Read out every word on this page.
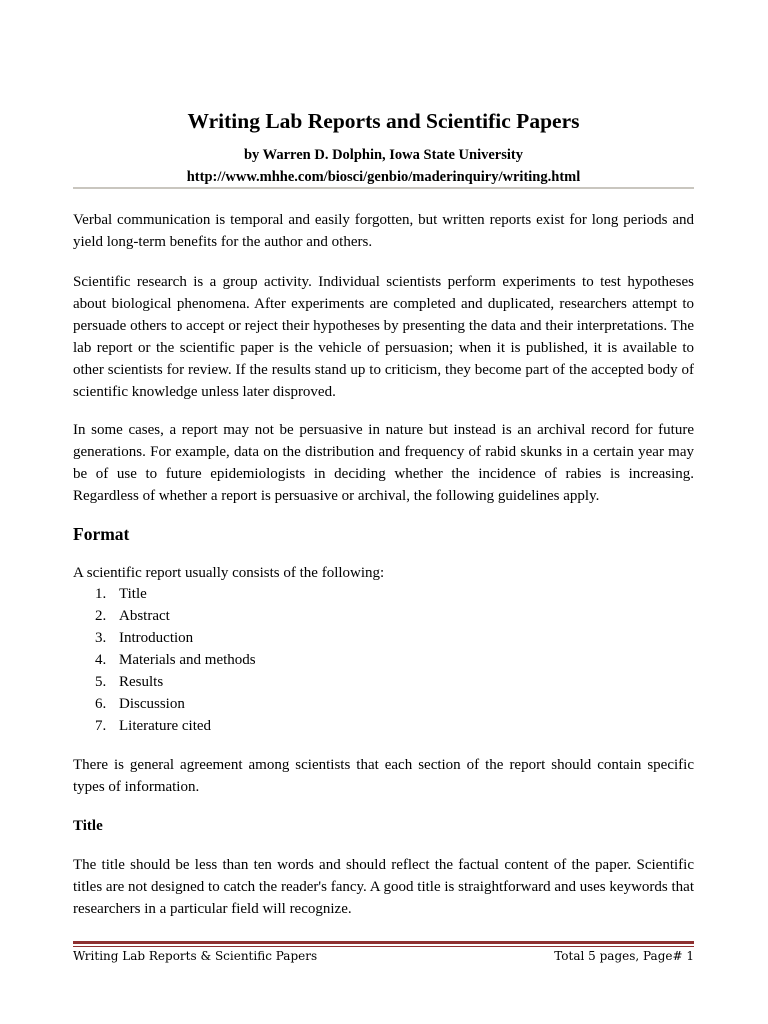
Writing Lab Reports and Scientific Papers

by Warren D. Dolphin, Iowa State University

http://www.mhhe.com/biosci/genbio/maderinquiry/writing.html

Verbal communication is temporal and easily forgotten, but written reports exist for long periods and yield long-term benefits for the author and others.

Scientific research is a group activity. Individual scientists perform experiments to test hypotheses about biological phenomena. After experiments are completed and duplicated, researchers attempt to persuade others to accept or reject their hypotheses by presenting the data and their interpretations. The lab report or the scientific paper is the vehicle of persuasion; when it is published, it is available to other scientists for review. If the results stand up to criticism, they become part of the accepted body of scientific knowledge unless later disproved.

In some cases, a report may not be persuasive in nature but instead is an archival record for future generations. For example, data on the distribution and frequency of rabid skunks in a certain year may be of use to future epidemiologists in deciding whether the incidence of rabies is increasing. Regardless of whether a report is persuasive or archival, the following guidelines apply.

Format

A scientific report usually consists of the following:

1. Title
2. Abstract
3. Introduction
4. Materials and methods
5. Results
6. Discussion
7. Literature cited

There is general agreement among scientists that each section of the report should contain specific types of information.

Title

The title should be less than ten words and should reflect the factual content of the paper. Scientific titles are not designed to catch the reader's fancy. A good title is straightforward and uses keywords that researchers in a particular field will recognize.

Writing Lab Reports & Scientific Papers	Total 5 pages, Page# 1
